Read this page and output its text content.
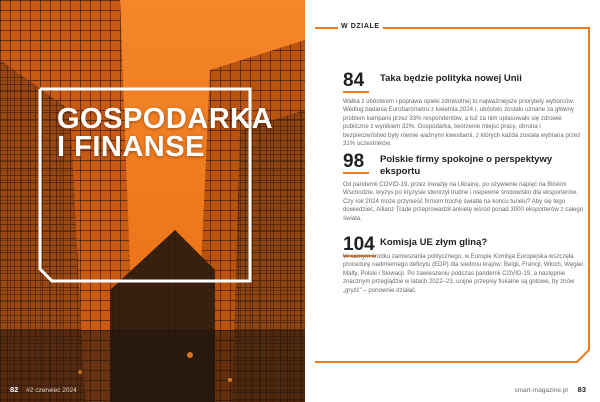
GOSPODARKA
I FINANSE
82 #2 czerwiec 2024
W DZIALE
84 Taka będzie polityka nowej Unii
Walka z ubóstwem i poprawa opieki zdrowotnej to najważniejsze priorytety wyborców. Według badania Eurobarometru z kwietnia 2024 r. ubóstwo zostało uznane za główny problem kampanii przez 33% respondentów, a tuż za nim uplasowało się zdrowie publiczne z wynikiem 32%. Gospodarka, tworzenie miejsc pracy, obrona i bezpieczeństwo były równie ważnymi kwestiami, z których każda została wybrana przez 31% uczestników.
98 Polskie firmy spokojne o perspektywy eksportu
Od pandemii COVID-19, przez inwazję na Ukrainę, po ożywienie napięć na Bliskim Wschodzie, kryzys po kryzysie stworzył trudne i niepewne środowisko dla eksporterów. Czy rok 2024 może przynieść firmom trochę światła na końcu tunelu? Aby się tego dowiedzieć, Allianz Trade przeprowadził ankietę wśród ponad 3000 eksporterów z całego świata.
104 Komisja UE złym gliną?
W samym środku zamieszania politycznego, w Europie Komisja Europejska wszczęła procedurę nadmiernego deficytu (EDP) dla siedmiu krajów: Belgii, Francji, Włoch, Węgier, Malty, Polski i Słowacji. Po zawieszeniu podczas pandemii COVID-19, a następnie znacznym przeglądzie w latach 2022–23, unijne przepisy fiskalne są gotowe, by znów „gryźć” – ponownie działać.
smart-magazine.pl 83
